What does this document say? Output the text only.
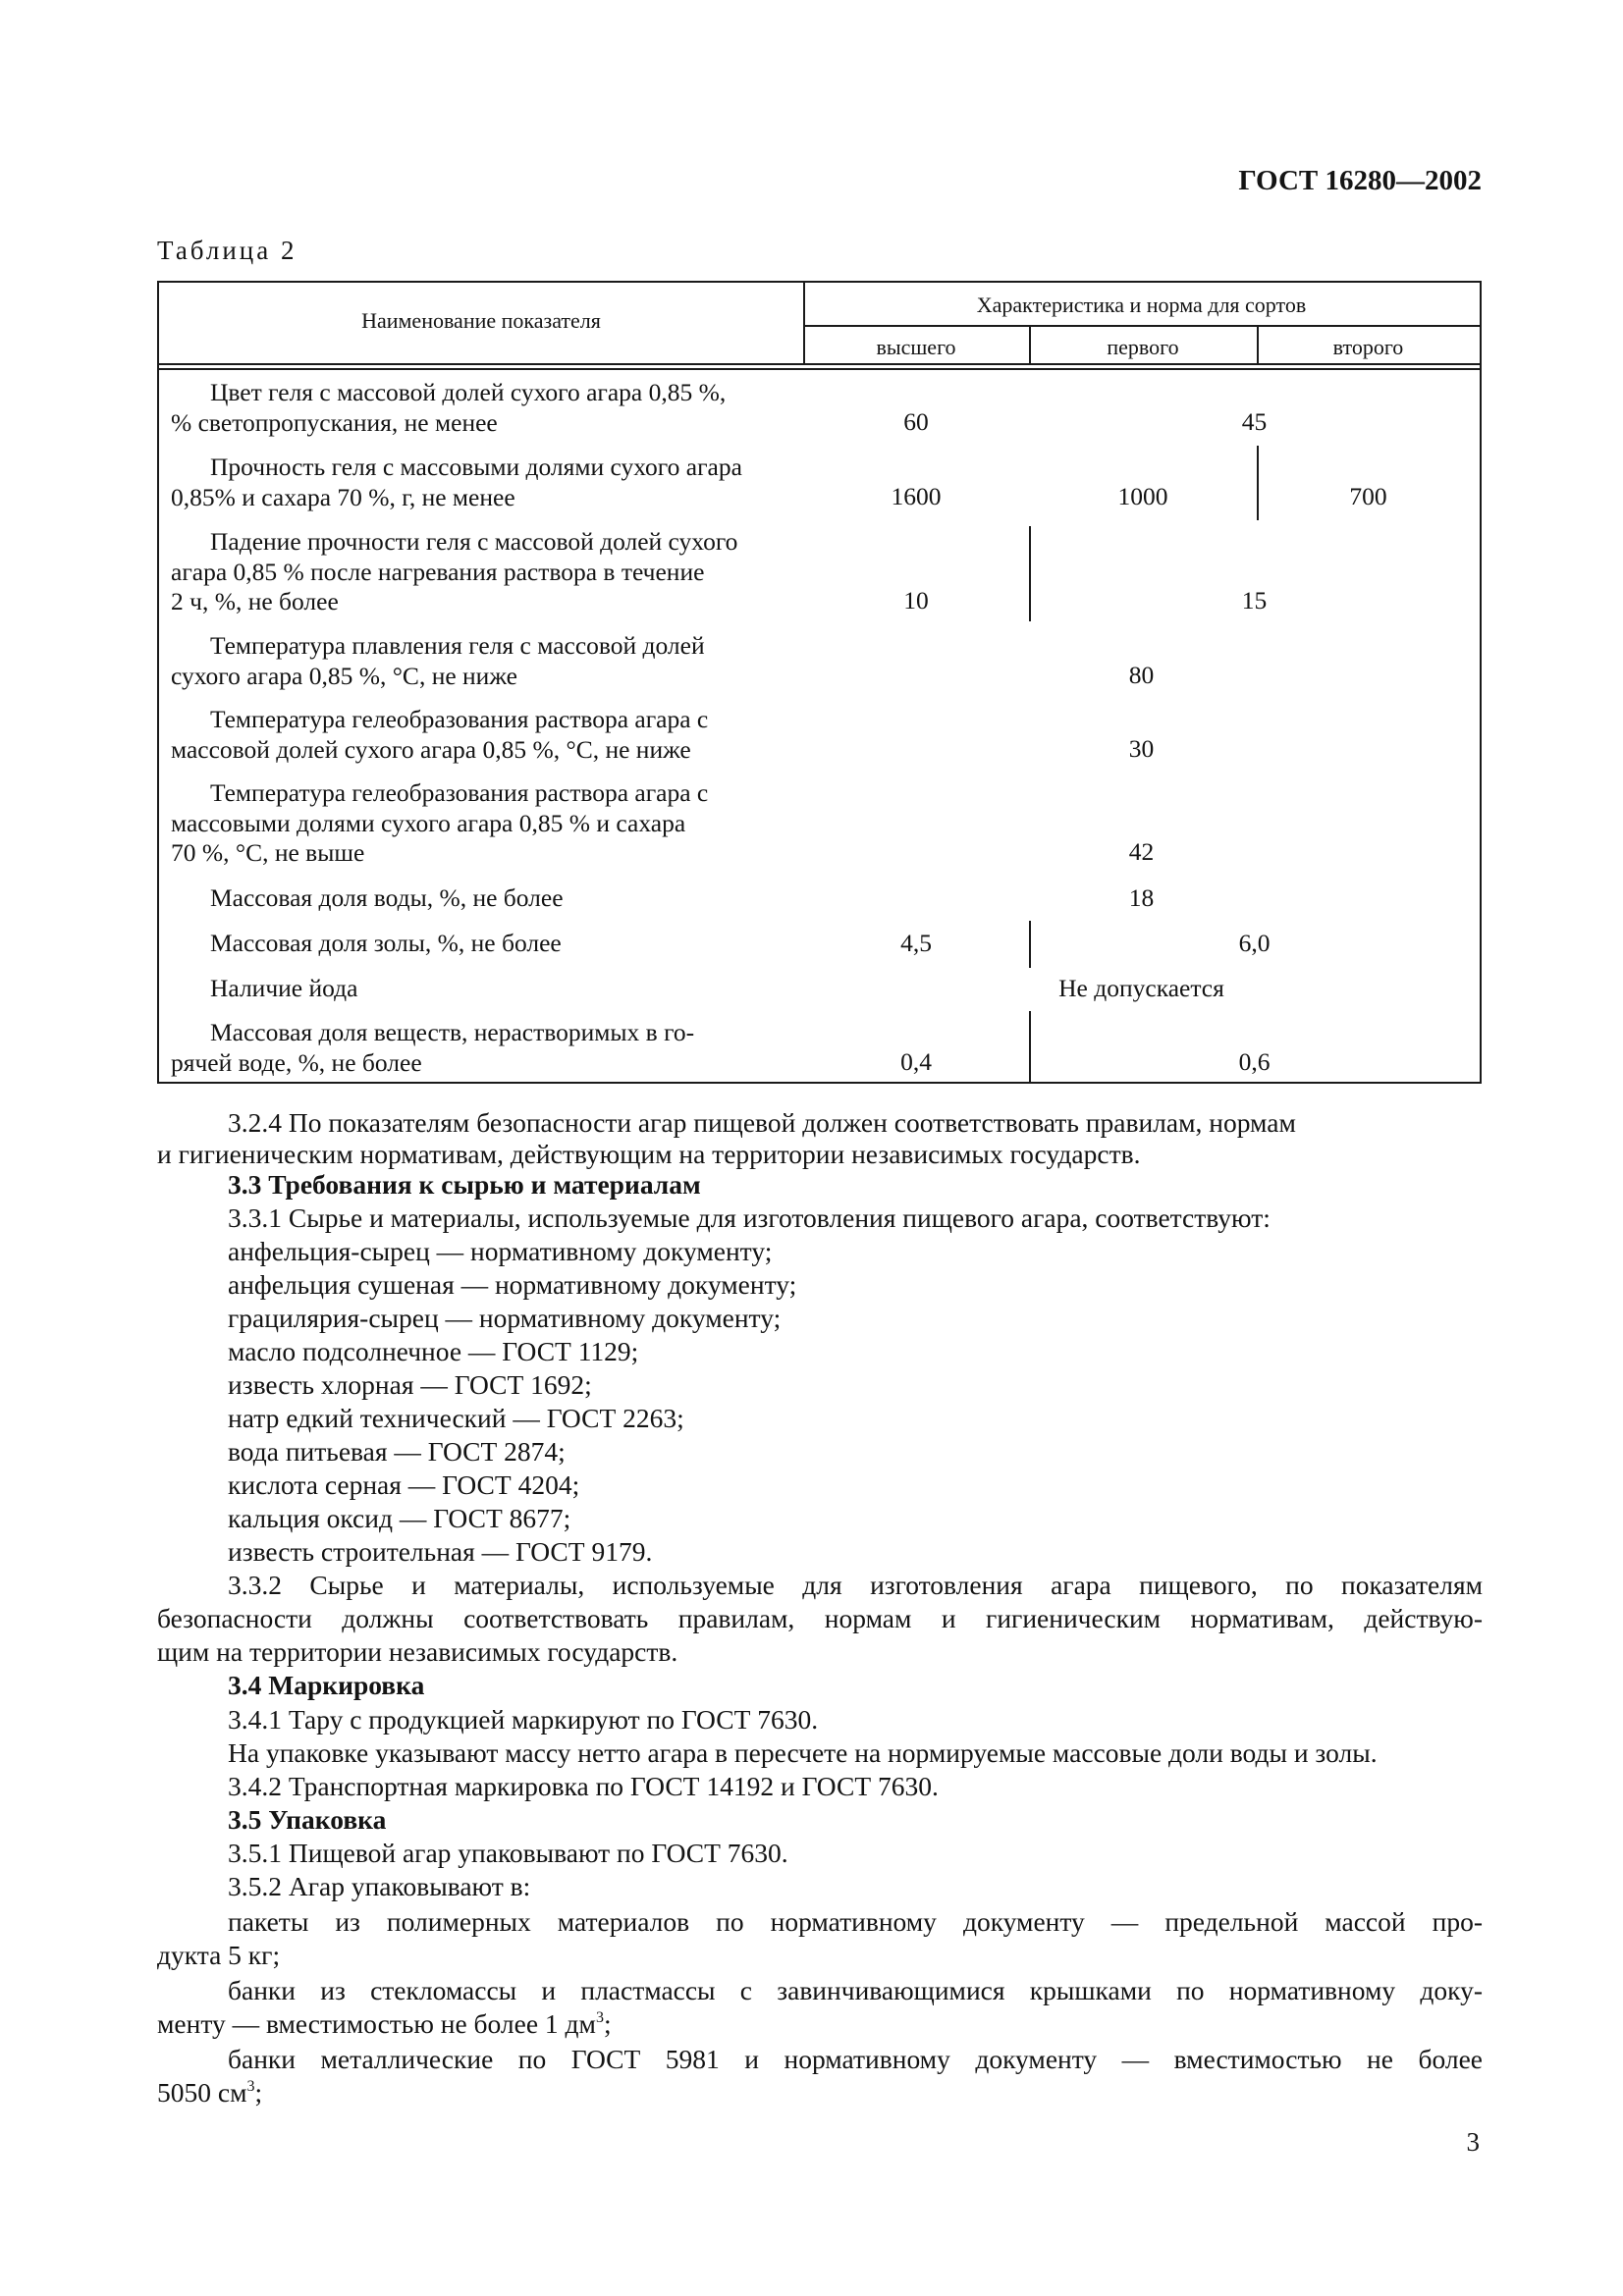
ГОСТ 16280—2002
Таблица 2
Наименование показателя
Характеристика и норма для сортов
высшего	первого	второго
Цвет геля с массовой долей сухого агара 0,85 %,
% светопропускания, не менее	60	45
Прочность геля с массовыми долями сухого агара
0,85% и сахара 70 %, г, не менее	1600	1000	700
Падение прочности геля с массовой долей сухого
агара 0,85 % после нагревания раствора в течение
2 ч, %, не более	10	15
Температура плавления геля с массовой долей
сухого агара 0,85 %, °С, не ниже	80
Температура гелеобразования раствора агара с
массовой долей сухого агара 0,85 %, °С, не ниже	30
Температура гелеобразования раствора агара с
массовыми долями сухого агара 0,85 % и сахара
70 %, °С, не выше	42
Массовая доля воды, %, не более	18
Массовая доля золы, %, не более	4,5	6,0
Наличие йода	Не допускается
Массовая доля веществ, нерастворимых в го-
рячей воде, %, не более	0,4	0,6
3.2.4 По показателям безопасности агар пищевой должен соответствовать правилам, нормам
и гигиеническим нормативам, действующим на территории независимых государств.
3.3 Требования к сырью и материалам
3.3.1 Сырье и материалы, используемые для изготовления пищевого агара, соответствуют:
анфельция-сырец — нормативному документу;
анфельция сушеная — нормативному документу;
грацилярия-сырец — нормативному документу;
масло подсолнечное — ГОСТ 1129;
известь хлорная — ГОСТ 1692;
натр едкий технический — ГОСТ 2263;
вода питьевая — ГОСТ 2874;
кислота серная — ГОСТ 4204;
кальция оксид — ГОСТ 8677;
известь строительная — ГОСТ 9179.
3.3.2 Сырье и материалы, используемые для изготовления агара пищевого, по показателям
безопасности должны соответствовать правилам, нормам и гигиеническим нормативам, действую-
щим на территории независимых государств.
3.4 Маркировка
3.4.1 Тару с продукцией маркируют по ГОСТ 7630.
На упаковке указывают массу нетто агара в пересчете на нормируемые массовые доли воды и золы.
3.4.2 Транспортная маркировка по ГОСТ 14192 и ГОСТ 7630.
3.5 Упаковка
3.5.1 Пищевой агар упаковывают по ГОСТ 7630.
3.5.2 Агар упаковывают в:
пакеты из полимерных материалов по нормативному документу — предельной массой про-
дукта 5 кг;
банки из стекломассы и пластмассы с завинчивающимися крышками по нормативному доку-
менту — вместимостью не более 1 $дм^3$;
банки металлические по ГОСТ 5981 и нормативному документу — вместимостью не более
5050 $см^3$;
3
